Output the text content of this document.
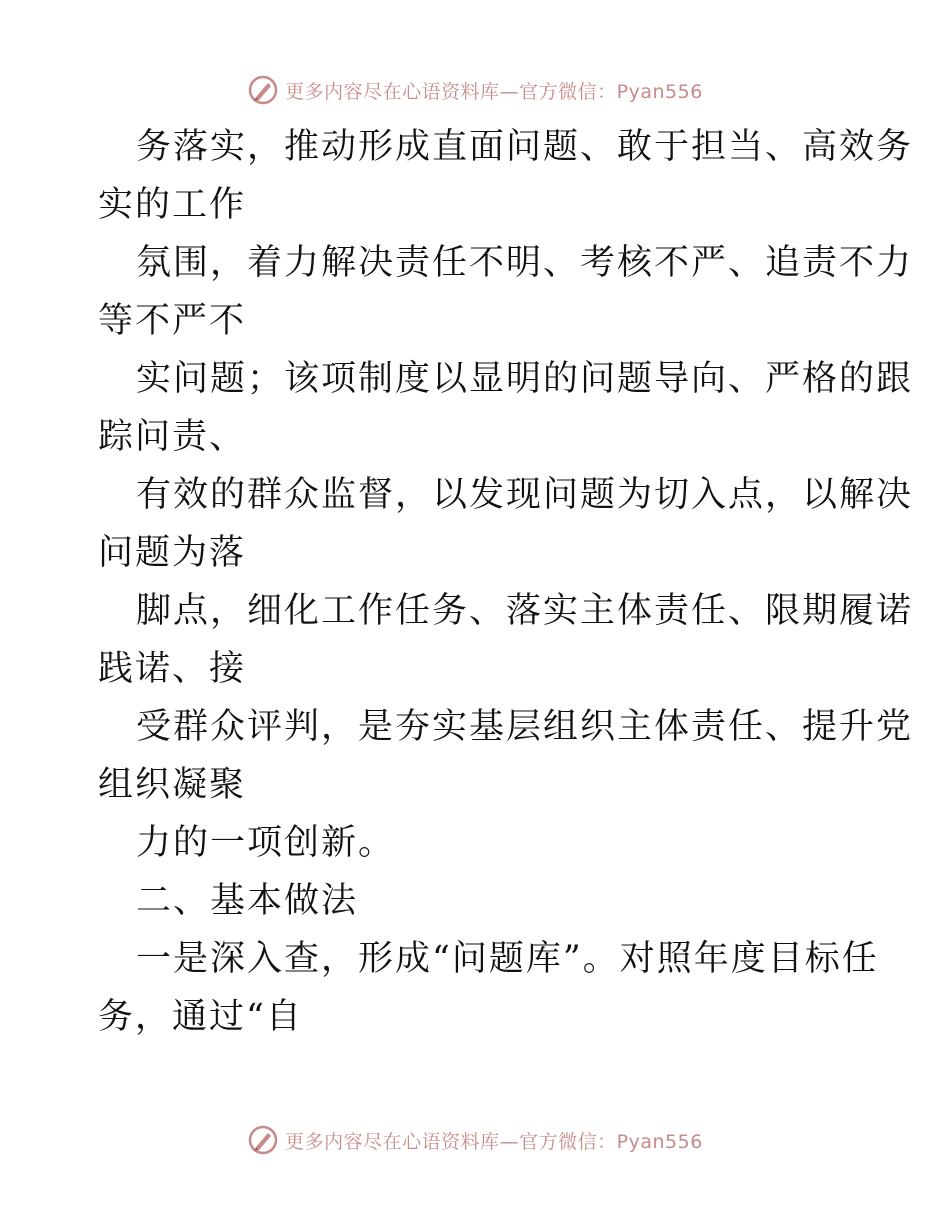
更多内容尽在心语资料库—官方微信：Pyan556
务落实，推动形成直面问题、敢于担当、高效务
实的工作
氛围，着力解决责任不明、考核不严、追责不力
等不严不
实问题；该项制度以显明的问题导向、严格的跟
踪问责、
有效的群众监督，以发现问题为切入点，以解决
问题为落
脚点，细化工作任务、落实主体责任、限期履诺
践诺、接
受群众评判，是夯实基层组织主体责任、提升党
组织凝聚
力的一项创新。
二、基本做法
一是深入查，形成“问题库”。对照年度目标任
务，通过“自
更多内容尽在心语资料库—官方微信：Pyan556
